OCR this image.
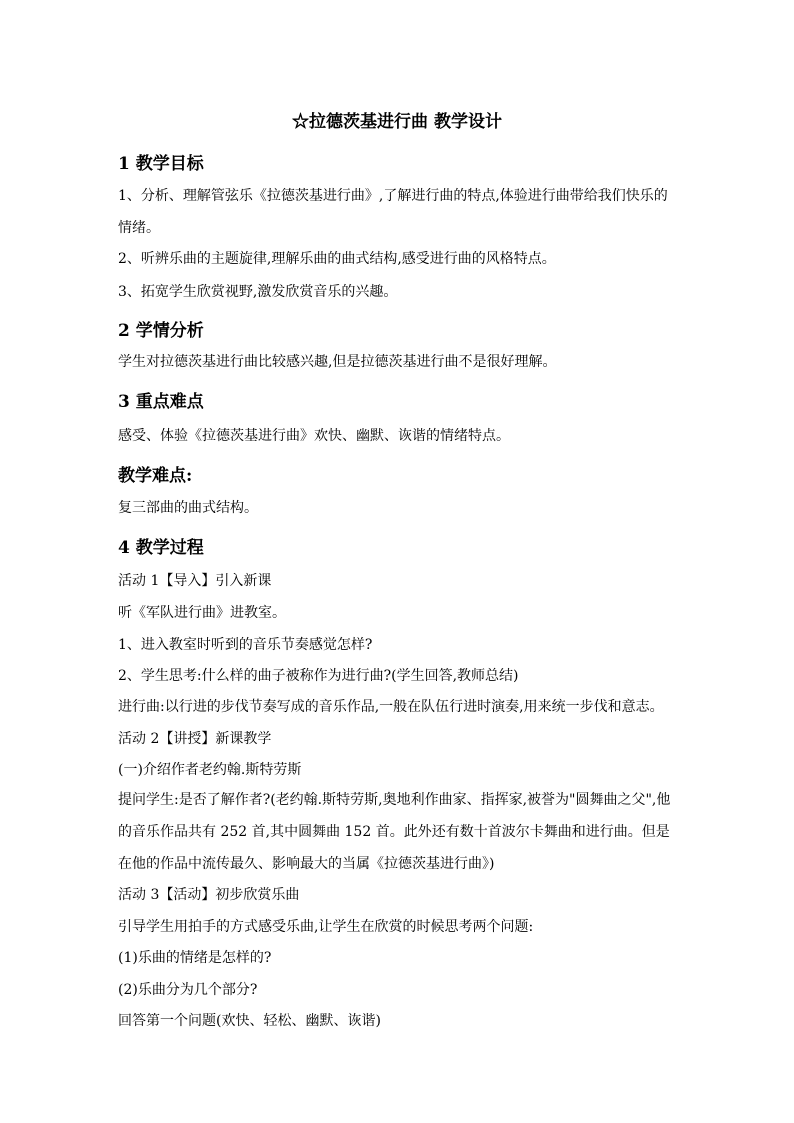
☆拉德茨基进行曲 教学设计
1 教学目标
1、分析、理解管弦乐《拉德茨基进行曲》,了解进行曲的特点,体验进行曲带给我们快乐的情绪。
2、听辨乐曲的主题旋律,理解乐曲的曲式结构,感受进行曲的风格特点。
3、拓宽学生欣赏视野,激发欣赏音乐的兴趣。
2 学情分析
学生对拉德茨基进行曲比较感兴趣,但是拉德茨基进行曲不是很好理解。
3 重点难点
感受、体验《拉德茨基进行曲》欢快、幽默、诙谐的情绪特点。
教学难点:
复三部曲的曲式结构。
4 教学过程
活动 1【导入】引入新课
听《军队进行曲》进教室。
1、进入教室时听到的音乐节奏感觉怎样?
2、学生思考:什么样的曲子被称作为进行曲?(学生回答,教师总结)
进行曲:以行进的步伐节奏写成的音乐作品,一般在队伍行进时演奏,用来统一步伐和意志。
活动 2【讲授】新课教学
(一)介绍作者老约翰.斯特劳斯
提问学生:是否了解作者?(老约翰.斯特劳斯,奥地利作曲家、指挥家,被誉为"圆舞曲之父",他的音乐作品共有 252 首,其中圆舞曲 152 首。此外还有数十首波尔卡舞曲和进行曲。但是在他的作品中流传最久、影响最大的当属《拉德茨基进行曲》)
活动 3【活动】初步欣赏乐曲
引导学生用拍手的方式感受乐曲,让学生在欣赏的时候思考两个问题:
(1)乐曲的情绪是怎样的?
(2)乐曲分为几个部分?
回答第一个问题(欢快、轻松、幽默、诙谐)
